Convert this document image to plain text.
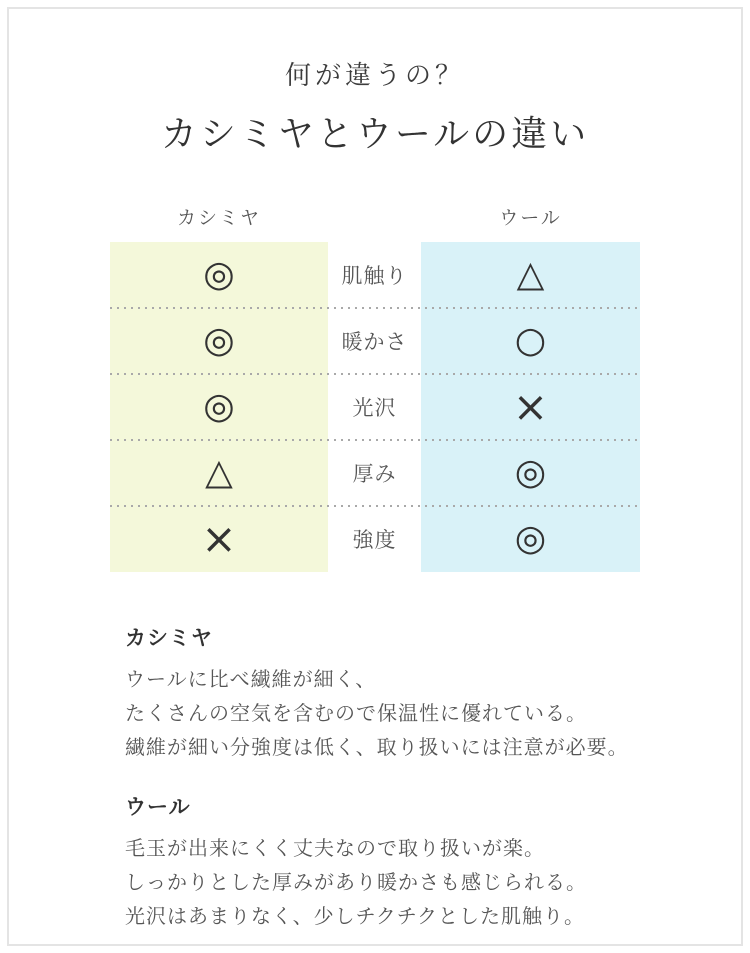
何が違うの？
カシミヤとウールの違い
カシミヤ	ウール
◎
肌触り
△
◎
暖かさ
○
◎
光沢
×
△
厚み
◎
×
強度
◎
カシミヤ
ウールに比べ繊維が細く、
たくさんの空気を含むので保温性に優れている。
繊維が細い分強度は低く、取り扱いには注意が必要。
ウール
毛玉が出来にくく丈夫なので取り扱いが楽。
しっかりとした厚みがあり暖かさも感じられる。
光沢はあまりなく、少しチクチクとした肌触り。
